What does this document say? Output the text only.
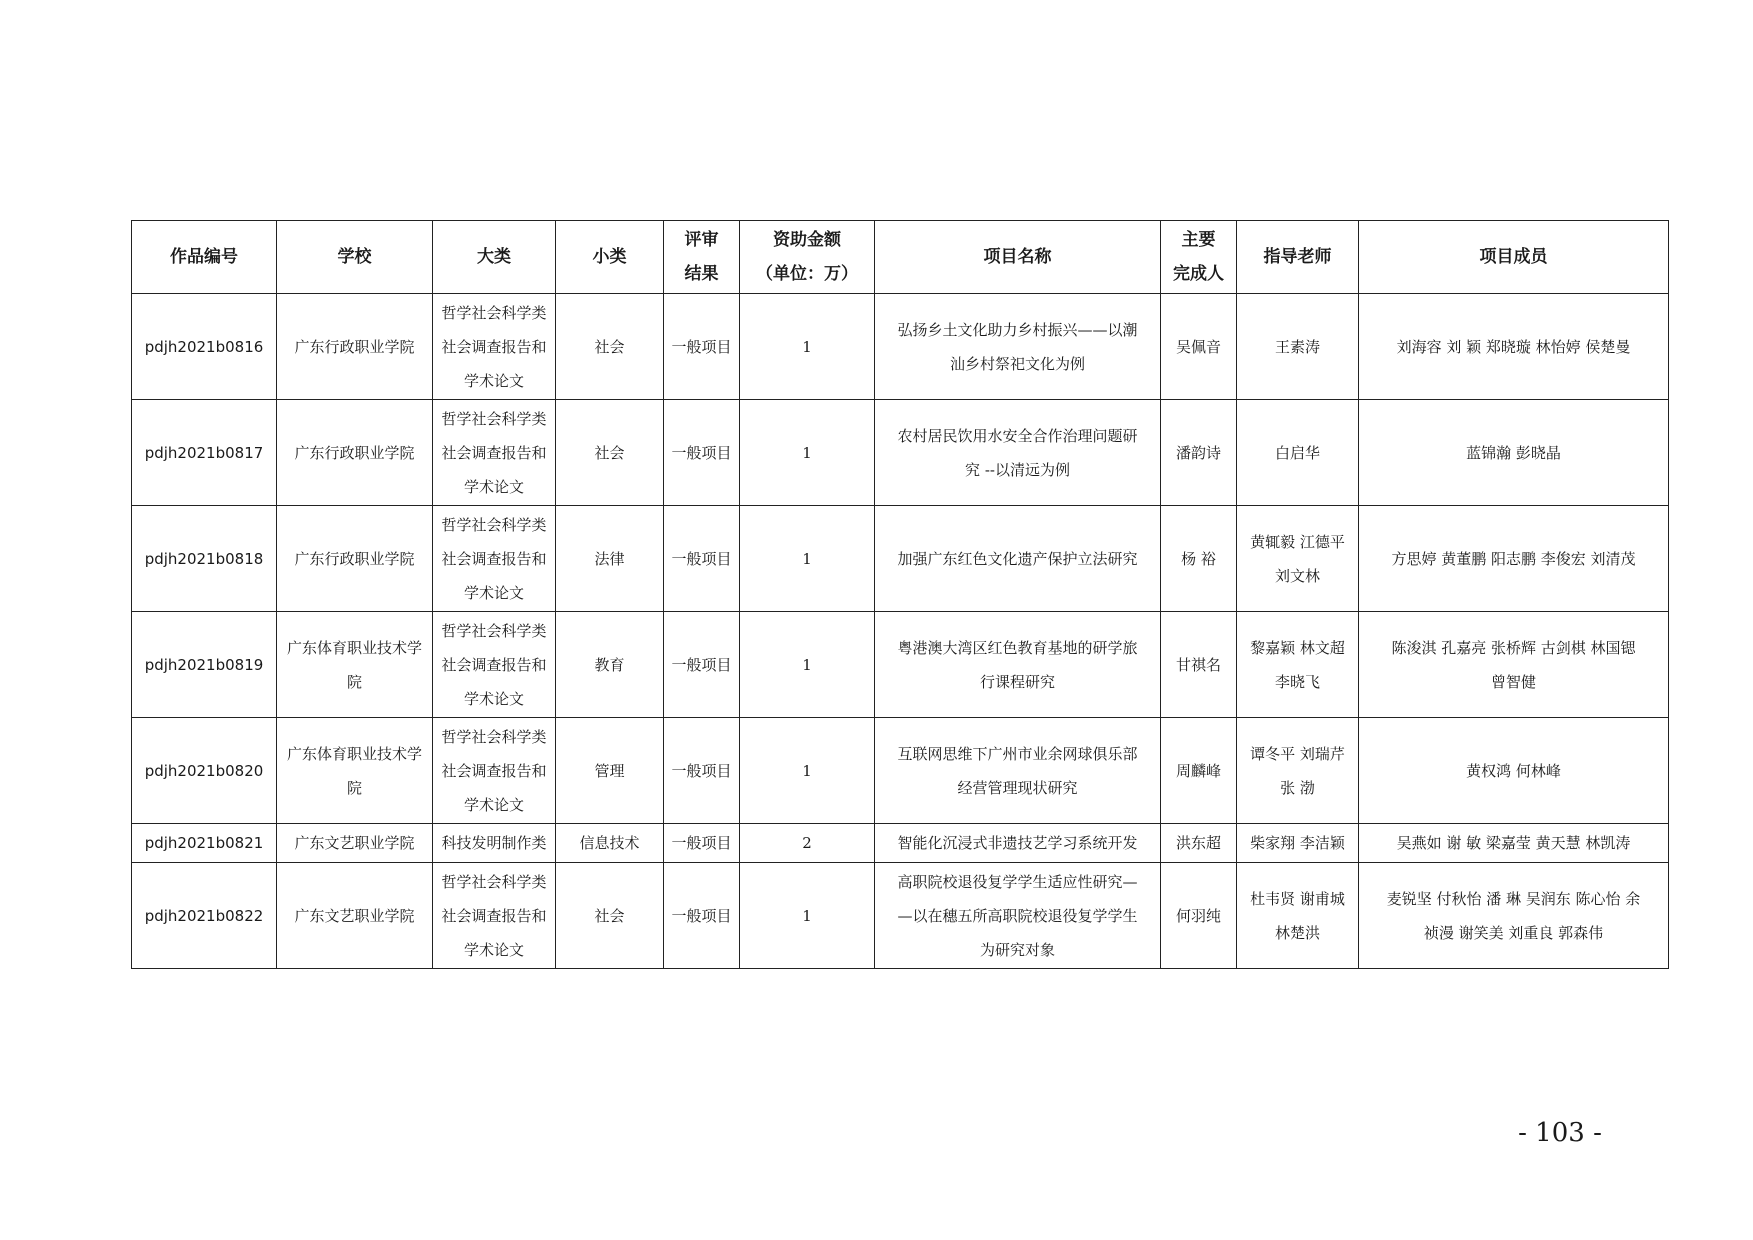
作品编号	学校	大类	小类	评审
结果	资助金额
（单位：万）	项目名称	主要
完成人	指导老师	项目成员

pdjh2021b0816	广东行政职业学院	哲学社会科学类
社会调查报告和
学术论文	社会	一般项目	1	弘扬乡土文化助力乡村振兴——以潮
汕乡村祭祀文化为例	吴佩音	王素涛	刘海容 刘 颖 郑晓璇 林怡婷 侯楚曼

pdjh2021b0817	广东行政职业学院	哲学社会科学类
社会调查报告和
学术论文	社会	一般项目	1	农村居民饮用水安全合作治理问题研
究 --以清远为例	潘韵诗	白启华	蓝锦瀚 彭晓晶

pdjh2021b0818	广东行政职业学院	哲学社会科学类
社会调查报告和
学术论文	法律	一般项目	1	加强广东红色文化遗产保护立法研究	杨 裕	黄辄毅 江德平
刘文林	方思婷 黄董鹏 阳志鹏 李俊宏 刘清茂

pdjh2021b0819	广东体育职业技术学
院	哲学社会科学类
社会调查报告和
学术论文	教育	一般项目	1	粤港澳大湾区红色教育基地的研学旅
行课程研究	甘祺名	黎嘉颖 林文超
李晓飞	陈浚淇 孔嘉亮 张桥辉 古剑棋 林国锶
曾智健

pdjh2021b0820	广东体育职业技术学
院	哲学社会科学类
社会调查报告和
学术论文	管理	一般项目	1	互联网思维下广州市业余网球俱乐部
经营管理现状研究	周麟峰	谭冬平 刘瑞芹
张 渤	黄权鸿 何林峰

pdjh2021b0821	广东文艺职业学院	科技发明制作类	信息技术	一般项目	2	智能化沉浸式非遗技艺学习系统开发	洪东超	柴家翔 李洁颖	吴燕如 谢 敏 梁嘉莹 黄天慧 林凯涛

pdjh2021b0822	广东文艺职业学院	哲学社会科学类
社会调查报告和
学术论文	社会	一般项目	1	高职院校退役复学学生适应性研究—
—以在穗五所高职院校退役复学学生
为研究对象	何羽纯	杜韦贤 谢甫城
林楚洪	麦锐坚 付秋怡 潘 琳 吴润东 陈心怡 余
祯漫 谢笑美 刘重良 郭森伟
- 103 -
